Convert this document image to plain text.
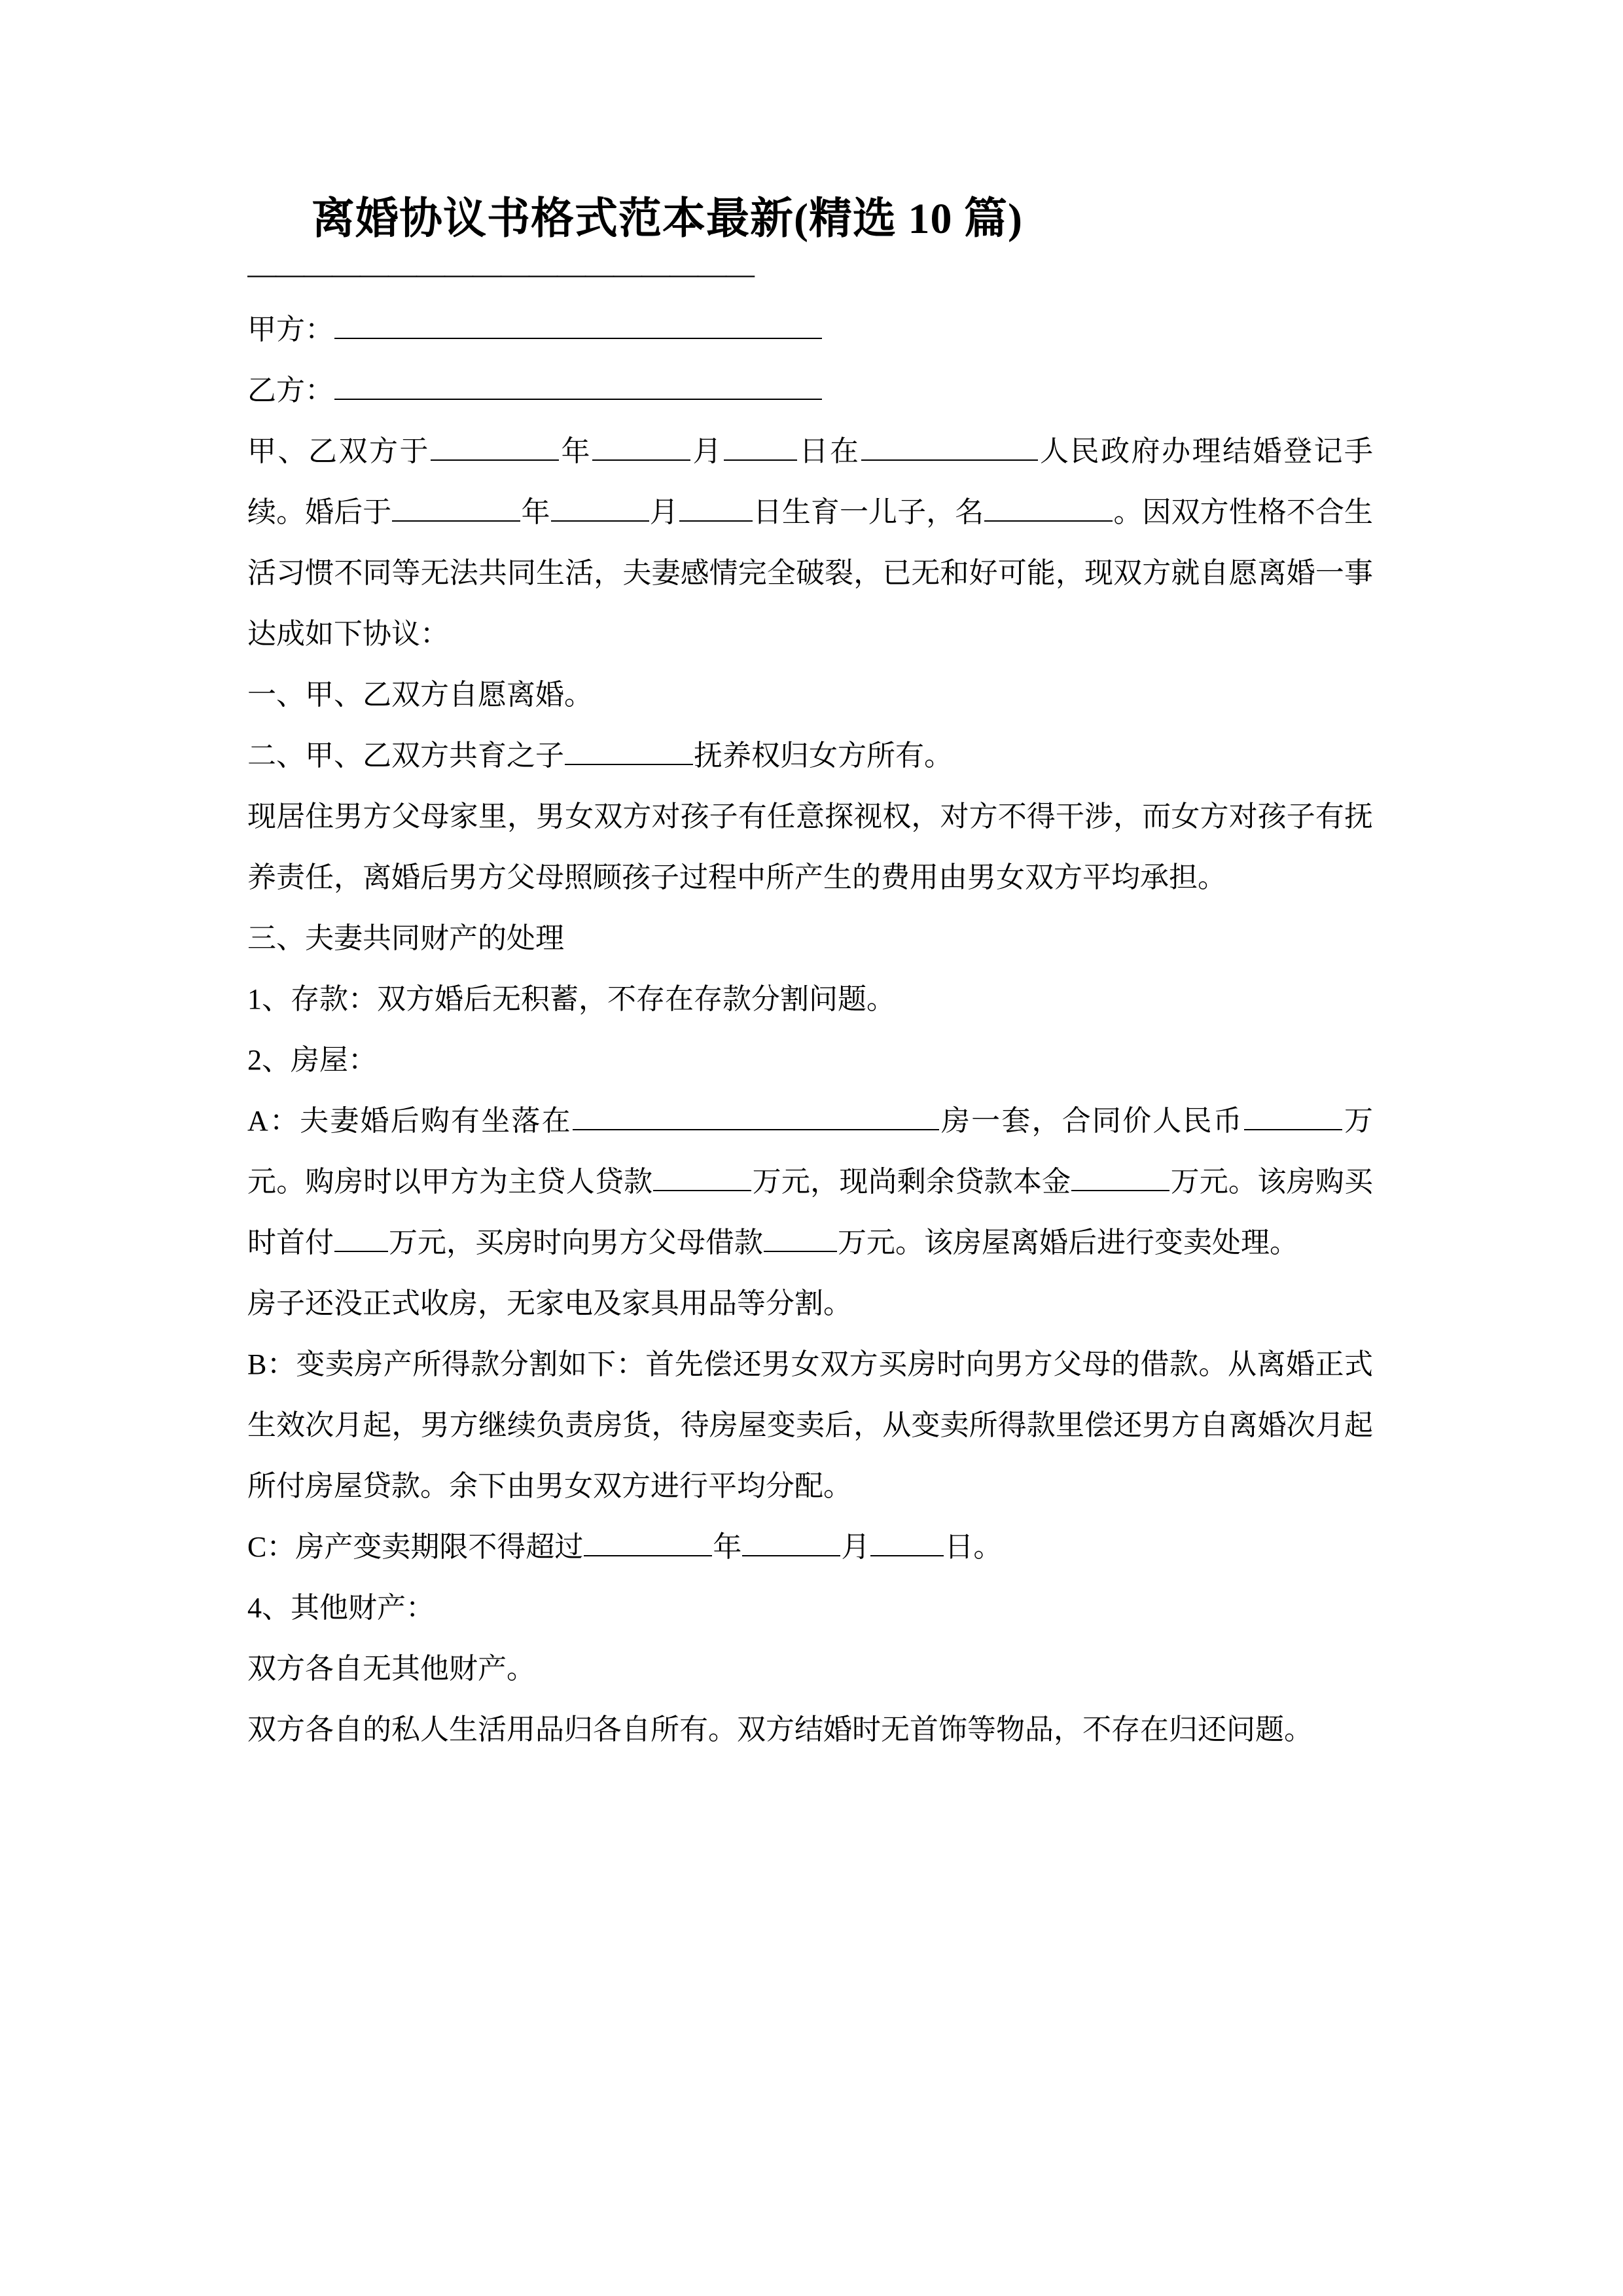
离婚协议书格式范本最新(精选 10 篇)
——————————————————

甲方：

乙方：

甲、乙双方于	年	月	日在	人民政府办理结婚登记手续。婚后于	年	月	日生育一儿子，名	。因双方性格不合生活习惯不同等无法共同生活，夫妻感情完全破裂，已无和好可能，现双方就自愿离婚一事达成如下协议：

一、甲、乙双方自愿离婚。

二、甲、乙双方共育之子	抚养权归女方所有。

现居住男方父母家里，男女双方对孩子有任意探视权，对方不得干涉，而女方对孩子有抚养责任，离婚后男方父母照顾孩子过程中所产生的费用由男女双方平均承担。

三、夫妻共同财产的处理

1、存款：双方婚后无积蓄，不存在存款分割问题。

2、房屋：

A：夫妻婚后购有坐落在	房一套，合同价人民币	万元。购房时以甲方为主贷人贷款	万元，现尚剩余贷款本金	万元。该房购买时首付 万元，买房时向男方父母借款	万元。该房屋离婚后进行变卖处理。

房子还没正式收房，无家电及家具用品等分割。

B：变卖房产所得款分割如下：首先偿还男女双方买房时向男方父母的借款。从离婚正式生效次月起，男方继续负责房货，待房屋变卖后，从变卖所得款里偿还男方自离婚次月起所付房屋贷款。余下由男女双方进行平均分配。

C：房产变卖期限不得超过	年	月	日。

4、其他财产：

双方各自无其他财产。

双方各自的私人生活用品归各自所有。双方结婚时无首饰等物品，不存在归还问题。
